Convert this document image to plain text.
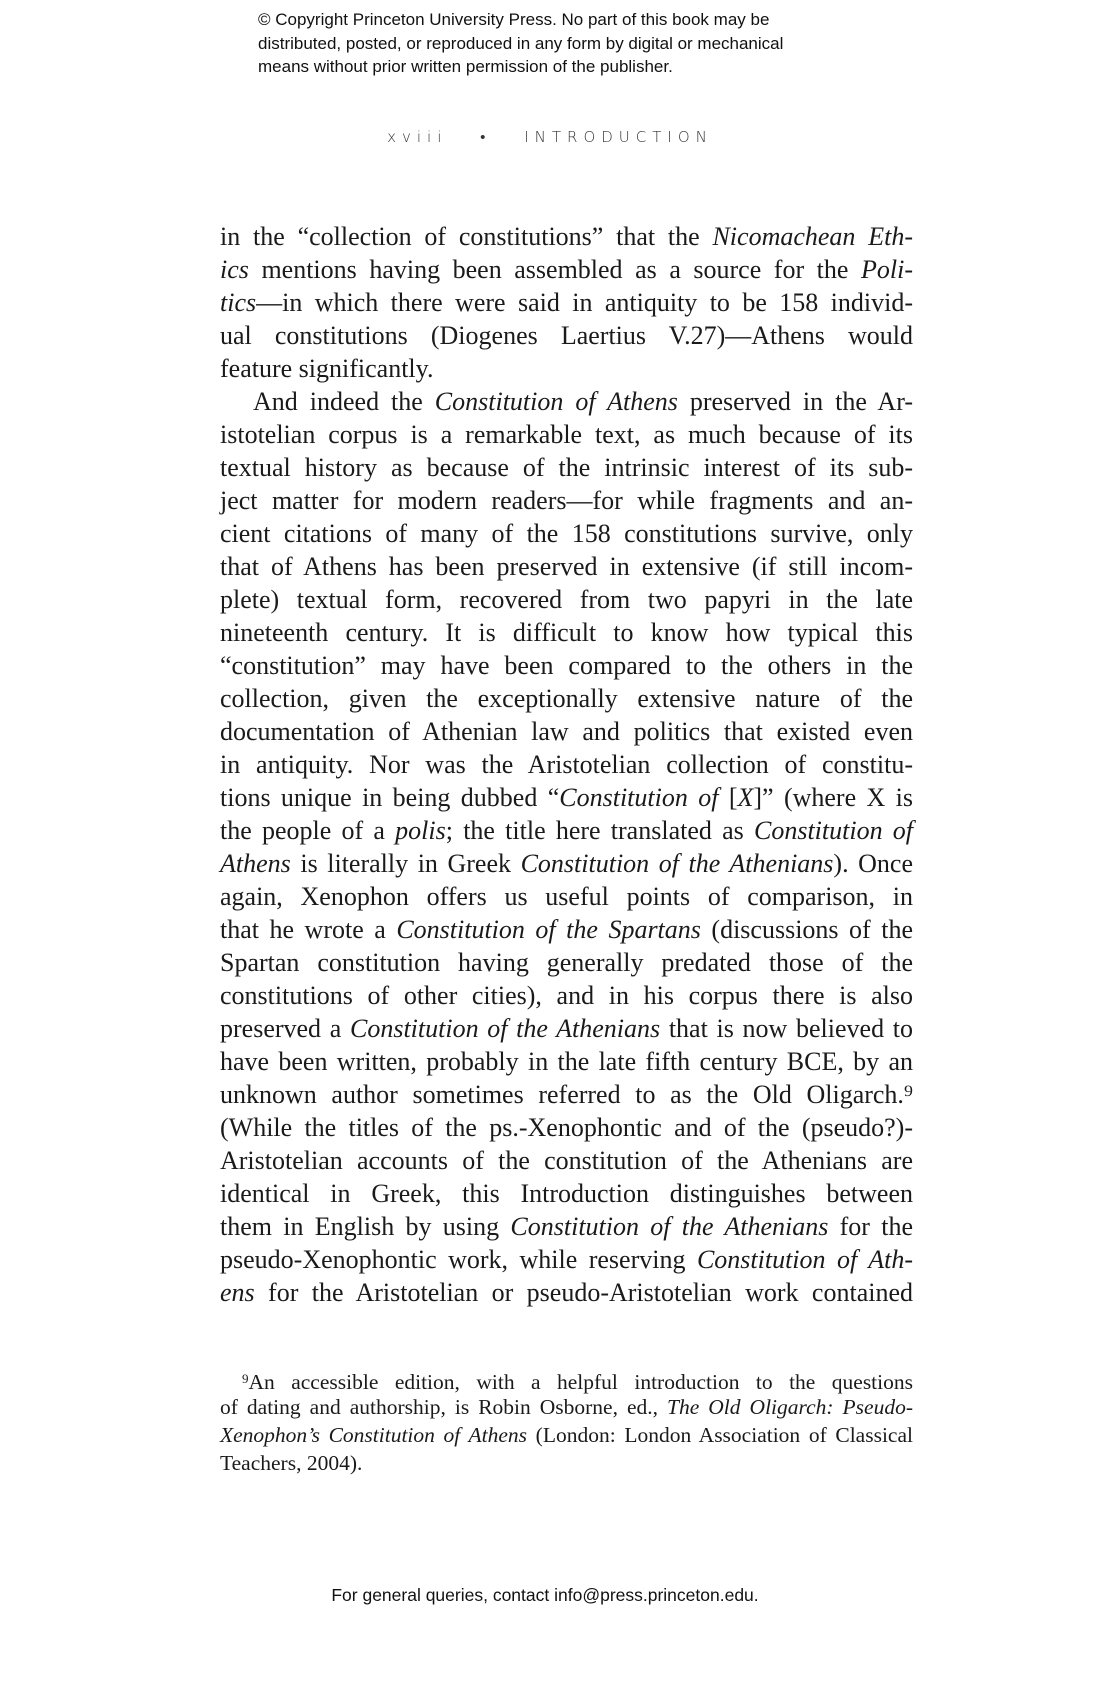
© Copyright Princeton University Press. No part of this book may be
distributed, posted, or reproduced in any form by digital or mechanical
means without prior written permission of the publisher.
xviii • INTRODUCTION
in the “collection of constitutions” that the Nicomachean Eth-
ics mentions having been assembled as a source for the Poli-
tics—in which there were said in antiquity to be 158 individ-
ual constitutions (Diogenes Laertius V.27)—Athens would
feature significantly.
And indeed the Constitution of Athens preserved in the Ar-
istotelian corpus is a remarkable text, as much because of its
textual history as because of the intrinsic interest of its sub-
ject matter for modern readers—for while fragments and an-
cient citations of many of the 158 constitutions survive, only
that of Athens has been preserved in extensive (if still incom-
plete) textual form, recovered from two papyri in the late
nineteenth century. It is difficult to know how typical this
“constitution” may have been compared to the others in the
collection, given the exceptionally extensive nature of the
documentation of Athenian law and politics that existed even
in antiquity. Nor was the Aristotelian collection of constitu-
tions unique in being dubbed “Constitution of [X]” (where X is
the people of a polis; the title here translated as Constitution of
Athens is literally in Greek Constitution of the Athenians). Once
again, Xenophon offers us useful points of comparison, in
that he wrote a Constitution of the Spartans (discussions of the
Spartan constitution having generally predated those of the
constitutions of other cities), and in his corpus there is also
preserved a Constitution of the Athenians that is now believed to
have been written, probably in the late fifth century BCE, by an
unknown author sometimes referred to as the Old Oligarch.⁹
(While the titles of the ps.-Xenophontic and of the (pseudo?)-
Aristotelian accounts of the constitution of the Athenians are
identical in Greek, this Introduction distinguishes between
them in English by using Constitution of the Athenians for the
pseudo-Xenophontic work, while reserving Constitution of Ath-
ens for the Aristotelian or pseudo-Aristotelian work contained
$^9$An accessible edition, with a helpful introduction to the questions
of dating and authorship, is Robin Osborne, ed., The Old Oligarch: Pseudo-
Xenophon’s Constitution of Athens (London: London Association of Classical
Teachers, 2004).
For general queries, contact info@press.princeton.edu.
